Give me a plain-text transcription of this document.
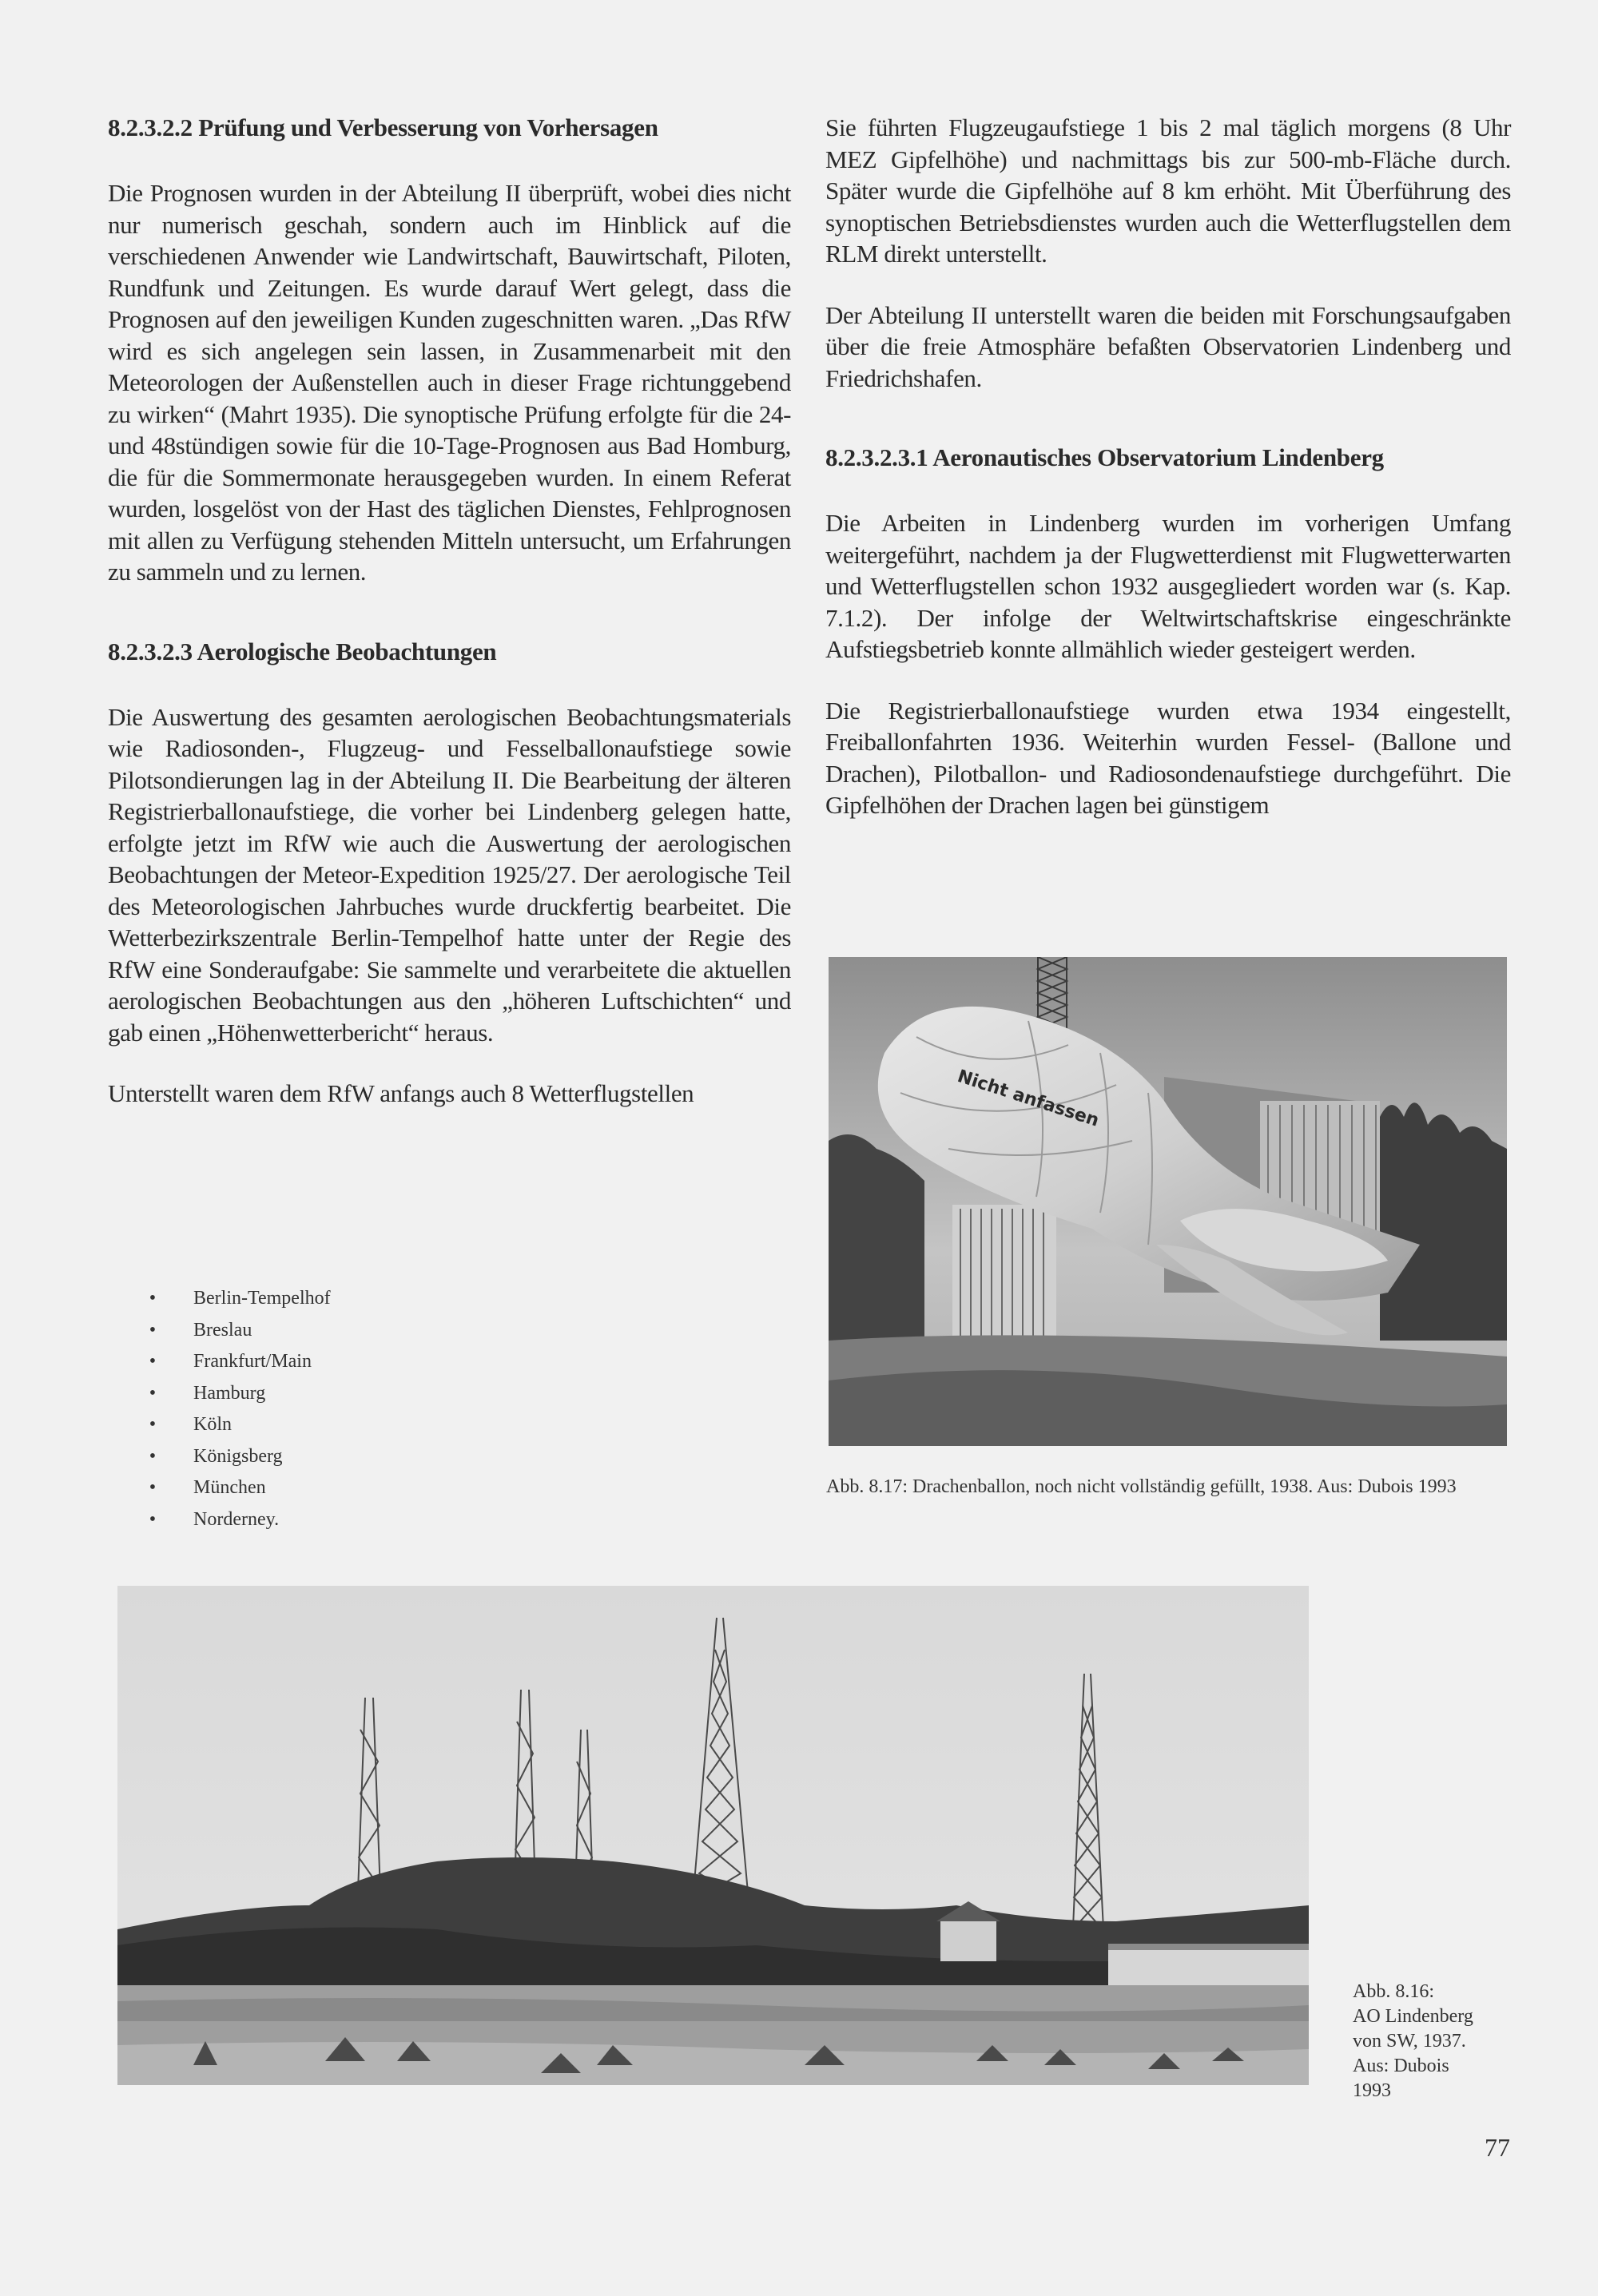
8.2.3.2.2 Prüfung und Verbesserung von Vorhersagen

Die Prognosen wurden in der Abteilung II überprüft, wobei dies nicht nur numerisch geschah, sondern auch im Hinblick auf die verschiedenen Anwender wie Landwirtschaft, Bauwirtschaft, Piloten, Rundfunk und Zeitungen. Es wurde darauf Wert gelegt, dass die Prognosen auf den jeweiligen Kunden zugeschnitten waren. „Das RfW wird es sich angelegen sein lassen, in Zusammenarbeit mit den Meteorologen der Außenstellen auch in dieser Frage richtunggebend zu wirken“ (Mahrt 1935). Die synoptische Prüfung erfolgte für die 24- und 48stündigen sowie für die 10-Tage-Prognosen aus Bad Homburg, die für die Sommermonate herausgegeben wurden. In einem Referat wurden, losgelöst von der Hast des täglichen Dienstes, Fehlprognosen mit allen zu Verfügung stehenden Mitteln untersucht, um Erfahrungen zu sammeln und zu lernen.

8.2.3.2.3 Aerologische Beobachtungen

Die Auswertung des gesamten aerologischen Beobachtungsmaterials wie Radiosonden-, Flugzeug- und Fesselballonaufstiege sowie Pilotsondierungen lag in der Abteilung II. Die Bearbeitung der älteren Registrierballonaufstiege, die vorher bei Lindenberg gelegen hatte, erfolgte jetzt im RfW wie auch die Auswertung der aerologischen Beobachtungen der Meteor-Expedition 1925/27. Der aerologische Teil des Meteorologischen Jahrbuches wurde druckfertig bearbeitet. Die Wetterbezirkszentrale Berlin-Tempelhof hatte unter der Regie des RfW eine Sonderaufgabe: Sie sammelte und verarbeitete die aktuellen aerologischen Beobachtungen aus den „höheren Luftschichten“ und gab einen „Höhenwetterbericht“ heraus.

Unterstellt waren dem RfW anfangs auch 8 Wetterflugstellen

• Berlin-Tempelhof
• Breslau
• Frankfurt/Main
• Hamburg
• Köln
• Königsberg
• München
• Norderney.

Sie führten Flugzeugaufstiege 1 bis 2 mal täglich morgens (8 Uhr MEZ Gipfelhöhe) und nachmittags bis zur 500-mb-Fläche durch. Später wurde die Gipfelhöhe auf 8 km erhöht. Mit Überführung des synoptischen Betriebsdienstes wurden auch die Wetterflugstellen dem RLM direkt unterstellt.

Der Abteilung II unterstellt waren die beiden mit Forschungsaufgaben über die freie Atmosphäre befaßten Observatorien Lindenberg und Friedrichshafen.

8.2.3.2.3.1 Aeronautisches Observatorium Lindenberg

Die Arbeiten in Lindenberg wurden im vorherigen Umfang weitergeführt, nachdem ja der Flugwetterdienst mit Flugwetterwarten und Wetterflugstellen schon 1932 ausgegliedert worden war (s. Kap. 7.1.2). Der infolge der Weltwirtschaftskrise eingeschränkte Aufstiegsbetrieb konnte allmählich wieder gesteigert werden.

Die Registrierballonaufstiege wurden etwa 1934 eingestellt, Freiballonfahrten 1936. Weiterhin wurden Fessel- (Ballone und Drachen), Pilotballon- und Radiosondenaufstiege durchgeführt. Die Gipfelhöhen der Drachen lagen bei günstigem

Nicht anfassen

Abb. 8.17: Drachenballon, noch nicht vollständig gefüllt, 1938. Aus: Dubois 1993

Abb. 8.16:
AO Lindenberg
von SW, 1937.
Aus: Dubois
1993

77
